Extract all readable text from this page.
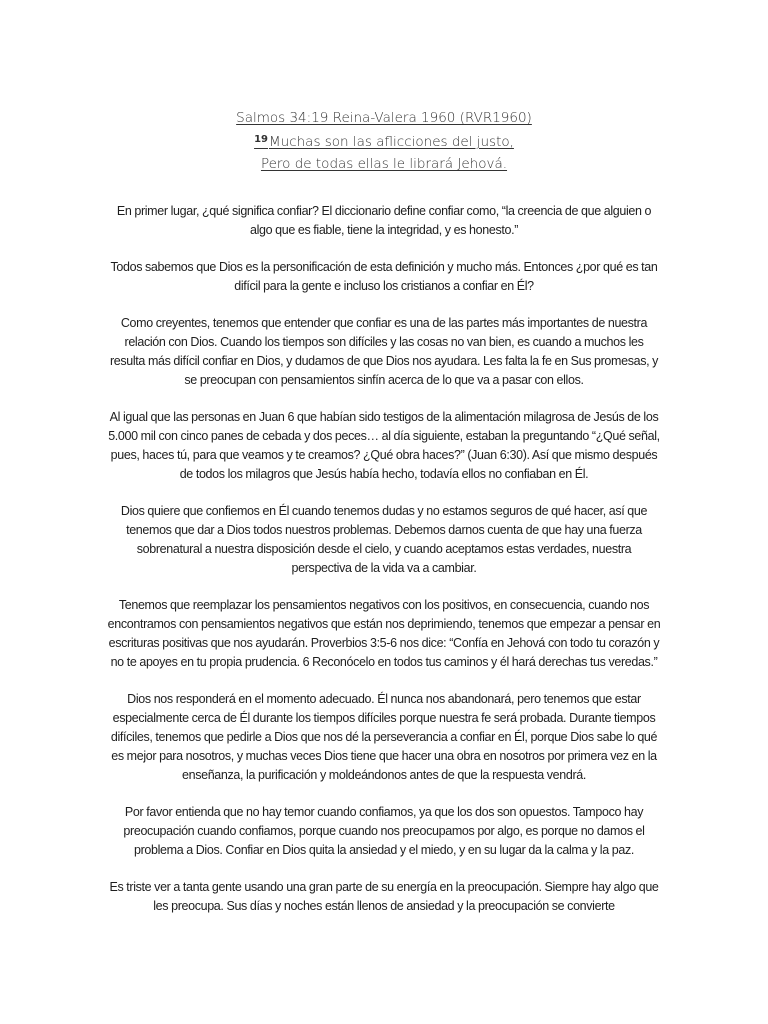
Salmos 34:19 Reina-Valera 1960 (RVR1960)
$^{19}$Muchas son las aflicciones del justo,
Pero de todas ellas le librará Jehová.

En primer lugar, ¿qué significa confiar? El diccionario define confiar como, “la creencia de que alguien o algo que es fiable, tiene la integridad, y es honesto.”

Todos sabemos que Dios es la personificación de esta definición y mucho más. Entonces ¿por qué es tan difícil para la gente e incluso los cristianos a confiar en Él?

Como creyentes, tenemos que entender que confiar es una de las partes más importantes de nuestra relación con Dios. Cuando los tiempos son difíciles y las cosas no van bien, es cuando a muchos les resulta más difícil confiar en Dios, y dudamos de que Dios nos ayudara. Les falta la fe en Sus promesas, y se preocupan con pensamientos sinfín acerca de lo que va a pasar con ellos.

Al igual que las personas en Juan 6 que habían sido testigos de la alimentación milagrosa de Jesús de los 5.000 mil con cinco panes de cebada y dos peces… al día siguiente, estaban la preguntando “¿Qué señal, pues, haces tú, para que veamos y te creamos? ¿Qué obra haces?” (Juan 6:30). Así que mismo después de todos los milagros que Jesús había hecho, todavía ellos no confiaban en Él.

Dios quiere que confiemos en Él cuando tenemos dudas y no estamos seguros de qué hacer, así que tenemos que dar a Dios todos nuestros problemas. Debemos darnos cuenta de que hay una fuerza sobrenatural a nuestra disposición desde el cielo, y cuando aceptamos estas verdades, nuestra perspectiva de la vida va a cambiar.

Tenemos que reemplazar los pensamientos negativos con los positivos, en consecuencia, cuando nos encontramos con pensamientos negativos que están nos deprimiendo, tenemos que empezar a pensar en escrituras positivas que nos ayudarán. Proverbios 3:5-6 nos dice: “Confía en Jehová con todo tu corazón y no te apoyes en tu propia prudencia. 6 Reconócelo en todos tus caminos y él hará derechas tus veredas.”

Dios nos responderá en el momento adecuado. Él nunca nos abandonará, pero tenemos que estar especialmente cerca de Él durante los tiempos difíciles porque nuestra fe será probada. Durante tiempos difíciles, tenemos que pedirle a Dios que nos dé la perseverancia a confiar en Él, porque Dios sabe lo qué es mejor para nosotros, y muchas veces Dios tiene que hacer una obra en nosotros por primera vez en la enseñanza, la purificación y moldeándonos antes de que la respuesta vendrá.

Por favor entienda que no hay temor cuando confiamos, ya que los dos son opuestos. Tampoco hay preocupación cuando confiamos, porque cuando nos preocupamos por algo, es porque no damos el problema a Dios. Confiar en Dios quita la ansiedad y el miedo, y en su lugar da la calma y la paz.

Es triste ver a tanta gente usando una gran parte de su energía en la preocupación. Siempre hay algo que les preocupa. Sus días y noches están llenos de ansiedad y la preocupación se convierte
